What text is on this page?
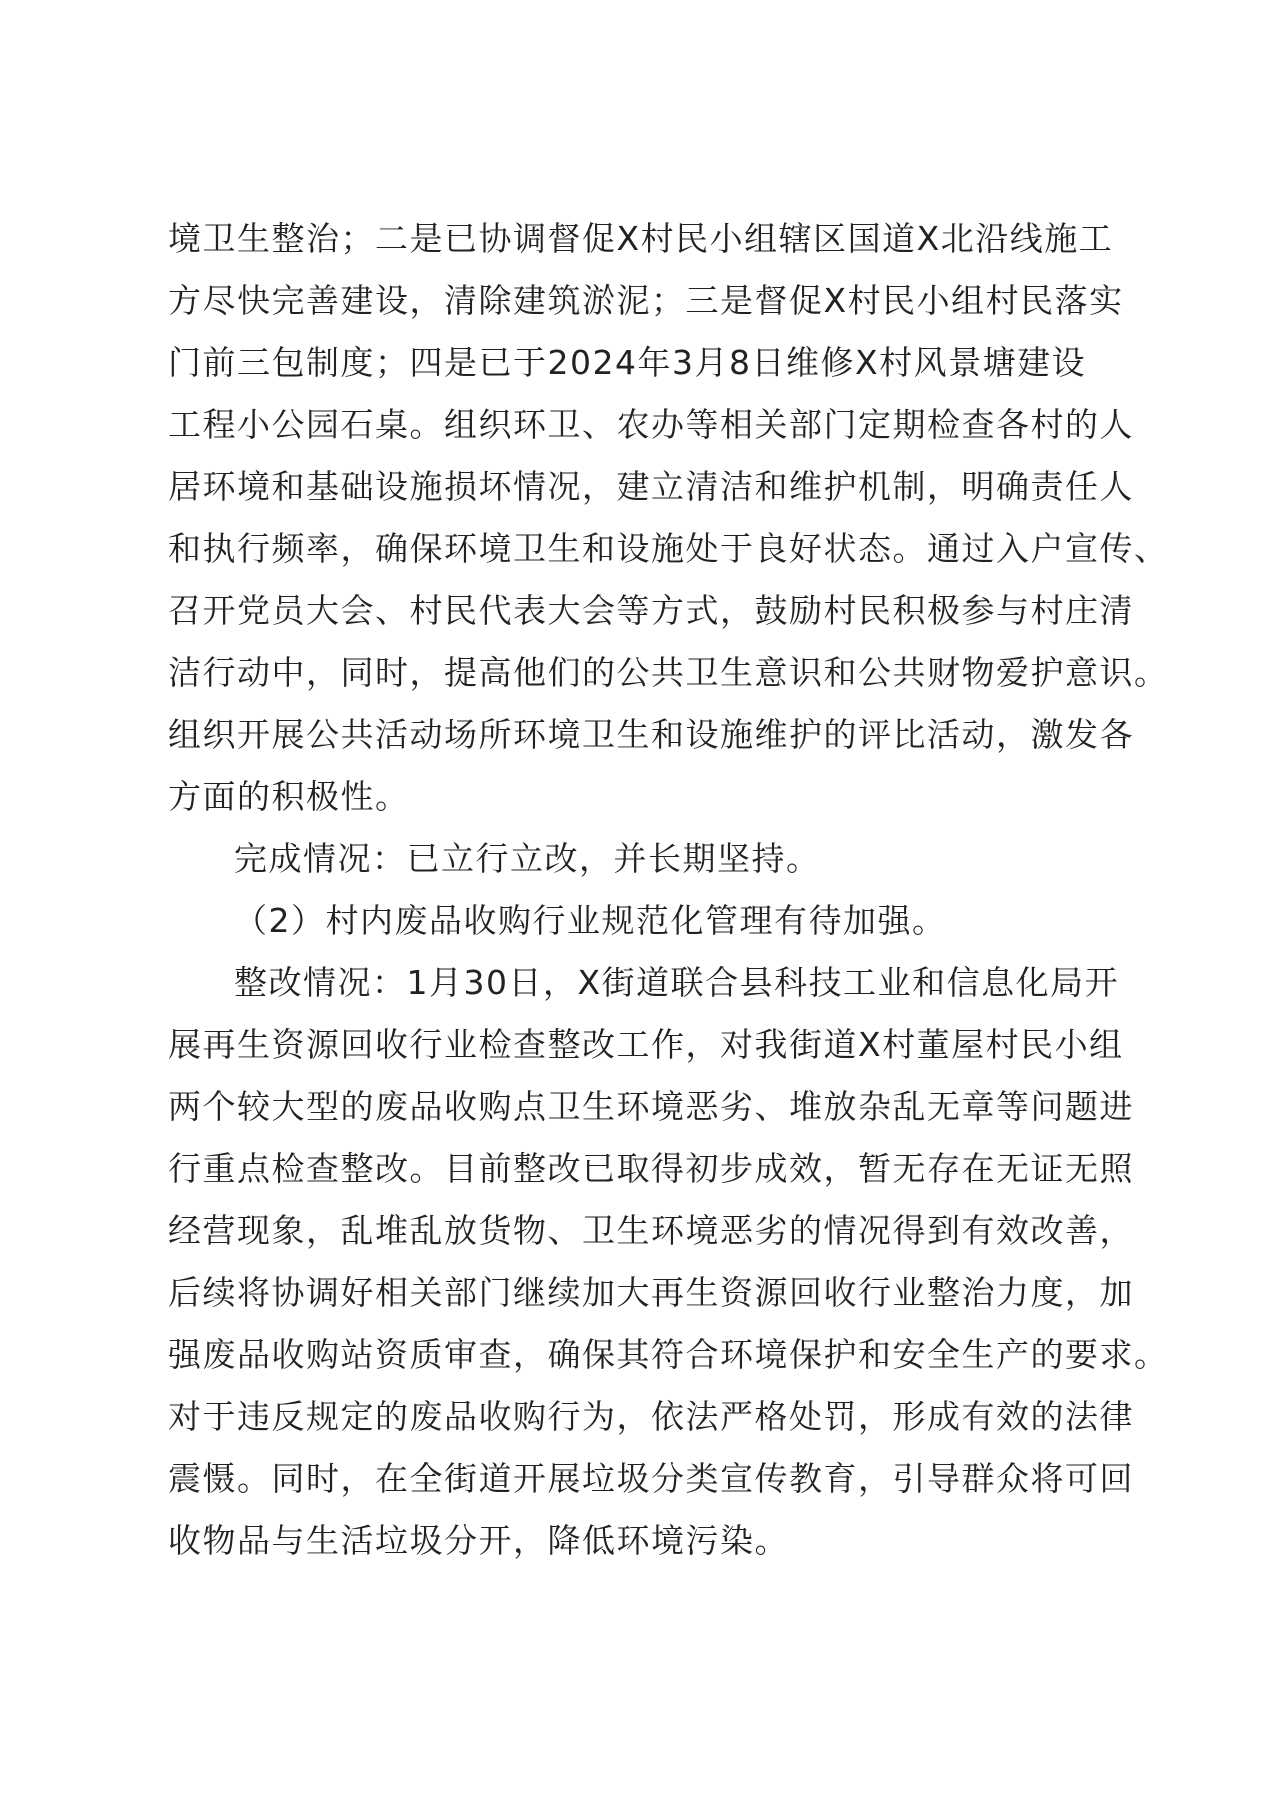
境卫生整治；二是已协调督促X村民小组辖区国道X北沿线施工
方尽快完善建设，清除建筑淤泥；三是督促X村民小组村民落实
门前三包制度；四是已于2024年3月8日维修X村风景塘建设
工程小公园石桌。组织环卫、农办等相关部门定期检查各村的人
居环境和基础设施损坏情况，建立清洁和维护机制，明确责任人
和执行频率，确保环境卫生和设施处于良好状态。通过入户宣传、
召开党员大会、村民代表大会等方式，鼓励村民积极参与村庄清
洁行动中，同时，提高他们的公共卫生意识和公共财物爱护意识。
组织开展公共活动场所环境卫生和设施维护的评比活动，激发各
方面的积极性。
完成情况：已立行立改，并长期坚持。
（2）村内废品收购行业规范化管理有待加强。
整改情况：1月30日，X街道联合县科技工业和信息化局开
展再生资源回收行业检查整改工作，对我街道X村董屋村民小组
两个较大型的废品收购点卫生环境恶劣、堆放杂乱无章等问题进
行重点检查整改。目前整改已取得初步成效，暂无存在无证无照
经营现象，乱堆乱放货物、卫生环境恶劣的情况得到有效改善，
后续将协调好相关部门继续加大再生资源回收行业整治力度，加
强废品收购站资质审查，确保其符合环境保护和安全生产的要求。
对于违反规定的废品收购行为，依法严格处罚，形成有效的法律
震慑。同时，在全街道开展垃圾分类宣传教育，引导群众将可回
收物品与生活垃圾分开，降低环境污染。
